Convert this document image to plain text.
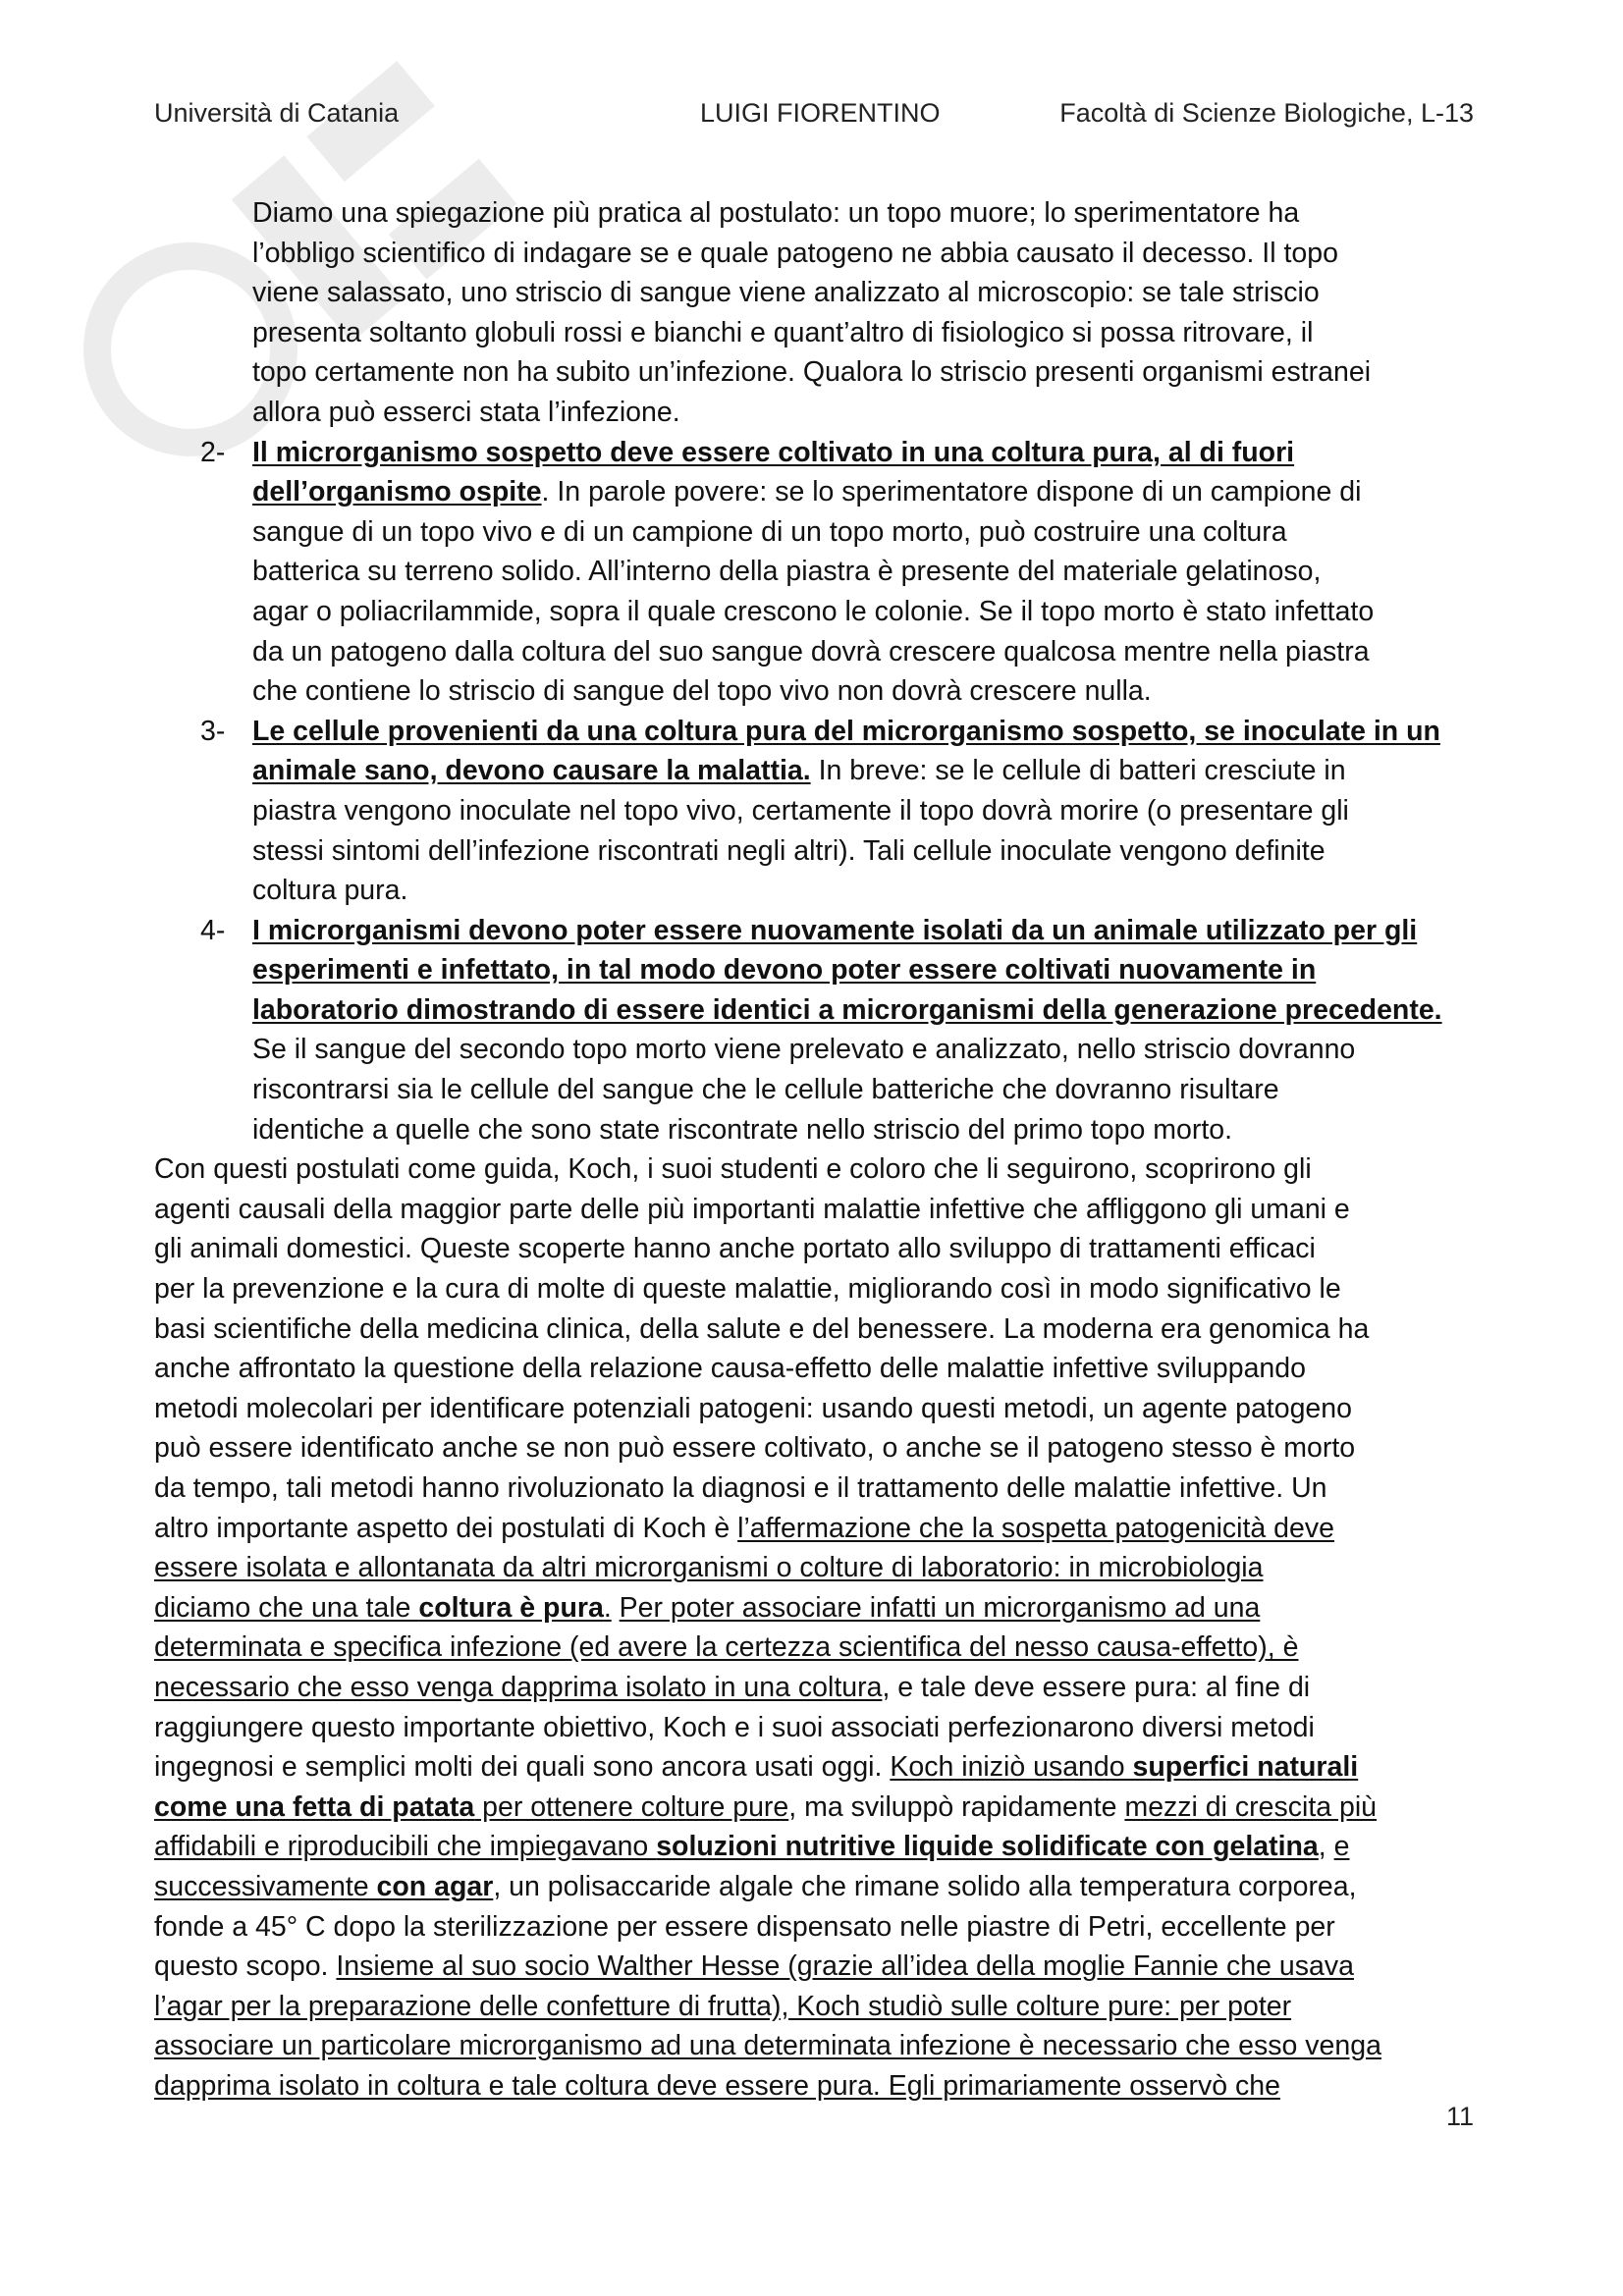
Università di Catania	LUIGI FIORENTINO	Facoltà di Scienze Biologiche, L-13
Diamo una spiegazione più pratica al postulato: un topo muore; lo sperimentatore ha
l’obbligo scientifico di indagare se e quale patogeno ne abbia causato il decesso. Il topo
viene salassato, uno striscio di sangue viene analizzato al microscopio: se tale striscio
presenta soltanto globuli rossi e bianchi e quant’altro di fisiologico si possa ritrovare, il
topo certamente non ha subito un’infezione. Qualora lo striscio presenti organismi estranei
allora può esserci stata l’infezione.
2- Il microrganismo sospetto deve essere coltivato in una coltura pura, al di fuori
dell’organismo ospite. In parole povere: se lo sperimentatore dispone di un campione di
sangue di un topo vivo e di un campione di un topo morto, può costruire una coltura
batterica su terreno solido. All’interno della piastra è presente del materiale gelatinoso,
agar o poliacrilammide, sopra il quale crescono le colonie. Se il topo morto è stato infettato
da un patogeno dalla coltura del suo sangue dovrà crescere qualcosa mentre nella piastra
che contiene lo striscio di sangue del topo vivo non dovrà crescere nulla.
3- Le cellule provenienti da una coltura pura del microrganismo sospetto, se inoculate in un
animale sano, devono causare la malattia. In breve: se le cellule di batteri cresciute in
piastra vengono inoculate nel topo vivo, certamente il topo dovrà morire (o presentare gli
stessi sintomi dell’infezione riscontrati negli altri). Tali cellule inoculate vengono definite
coltura pura.
4- I microrganismi devono poter essere nuovamente isolati da un animale utilizzato per gli
esperimenti e infettato, in tal modo devono poter essere coltivati nuovamente in
laboratorio dimostrando di essere identici a microrganismi della generazione precedente.
Se il sangue del secondo topo morto viene prelevato e analizzato, nello striscio dovranno
riscontrarsi sia le cellule del sangue che le cellule batteriche che dovranno risultare
identiche a quelle che sono state riscontrate nello striscio del primo topo morto.
Con questi postulati come guida, Koch, i suoi studenti e coloro che li seguirono, scoprirono gli
agenti causali della maggior parte delle più importanti malattie infettive che affliggono gli umani e
gli animali domestici. Queste scoperte hanno anche portato allo sviluppo di trattamenti efficaci
per la prevenzione e la cura di molte di queste malattie, migliorando così in modo significativo le
basi scientifiche della medicina clinica, della salute e del benessere. La moderna era genomica ha
anche affrontato la questione della relazione causa-effetto delle malattie infettive sviluppando
metodi molecolari per identificare potenziali patogeni: usando questi metodi, un agente patogeno
può essere identificato anche se non può essere coltivato, o anche se il patogeno stesso è morto
da tempo, tali metodi hanno rivoluzionato la diagnosi e il trattamento delle malattie infettive. Un
altro importante aspetto dei postulati di Koch è l’affermazione che la sospetta patogenicità deve
essere isolata e allontanata da altri microrganismi o colture di laboratorio: in microbiologia
diciamo che una tale coltura è pura. Per poter associare infatti un microrganismo ad una
determinata e specifica infezione (ed avere la certezza scientifica del nesso causa-effetto), è
necessario che esso venga dapprima isolato in una coltura, e tale deve essere pura: al fine di
raggiungere questo importante obiettivo, Koch e i suoi associati perfezionarono diversi metodi
ingegnosi e semplici molti dei quali sono ancora usati oggi. Koch iniziò usando superfici naturali
come una fetta di patata per ottenere colture pure, ma sviluppò rapidamente mezzi di crescita più
affidabili e riproducibili che impiegavano soluzioni nutritive liquide solidificate con gelatina, e
successivamente con agar, un polisaccaride algale che rimane solido alla temperatura corporea,
fonde a 45° C dopo la sterilizzazione per essere dispensato nelle piastre di Petri, eccellente per
questo scopo. Insieme al suo socio Walther Hesse (grazie all’idea della moglie Fannie che usava
l’agar per la preparazione delle confetture di frutta), Koch studiò sulle colture pure: per poter
associare un particolare microrganismo ad una determinata infezione è necessario che esso venga
dapprima isolato in coltura e tale coltura deve essere pura. Egli primariamente osservò che
11
